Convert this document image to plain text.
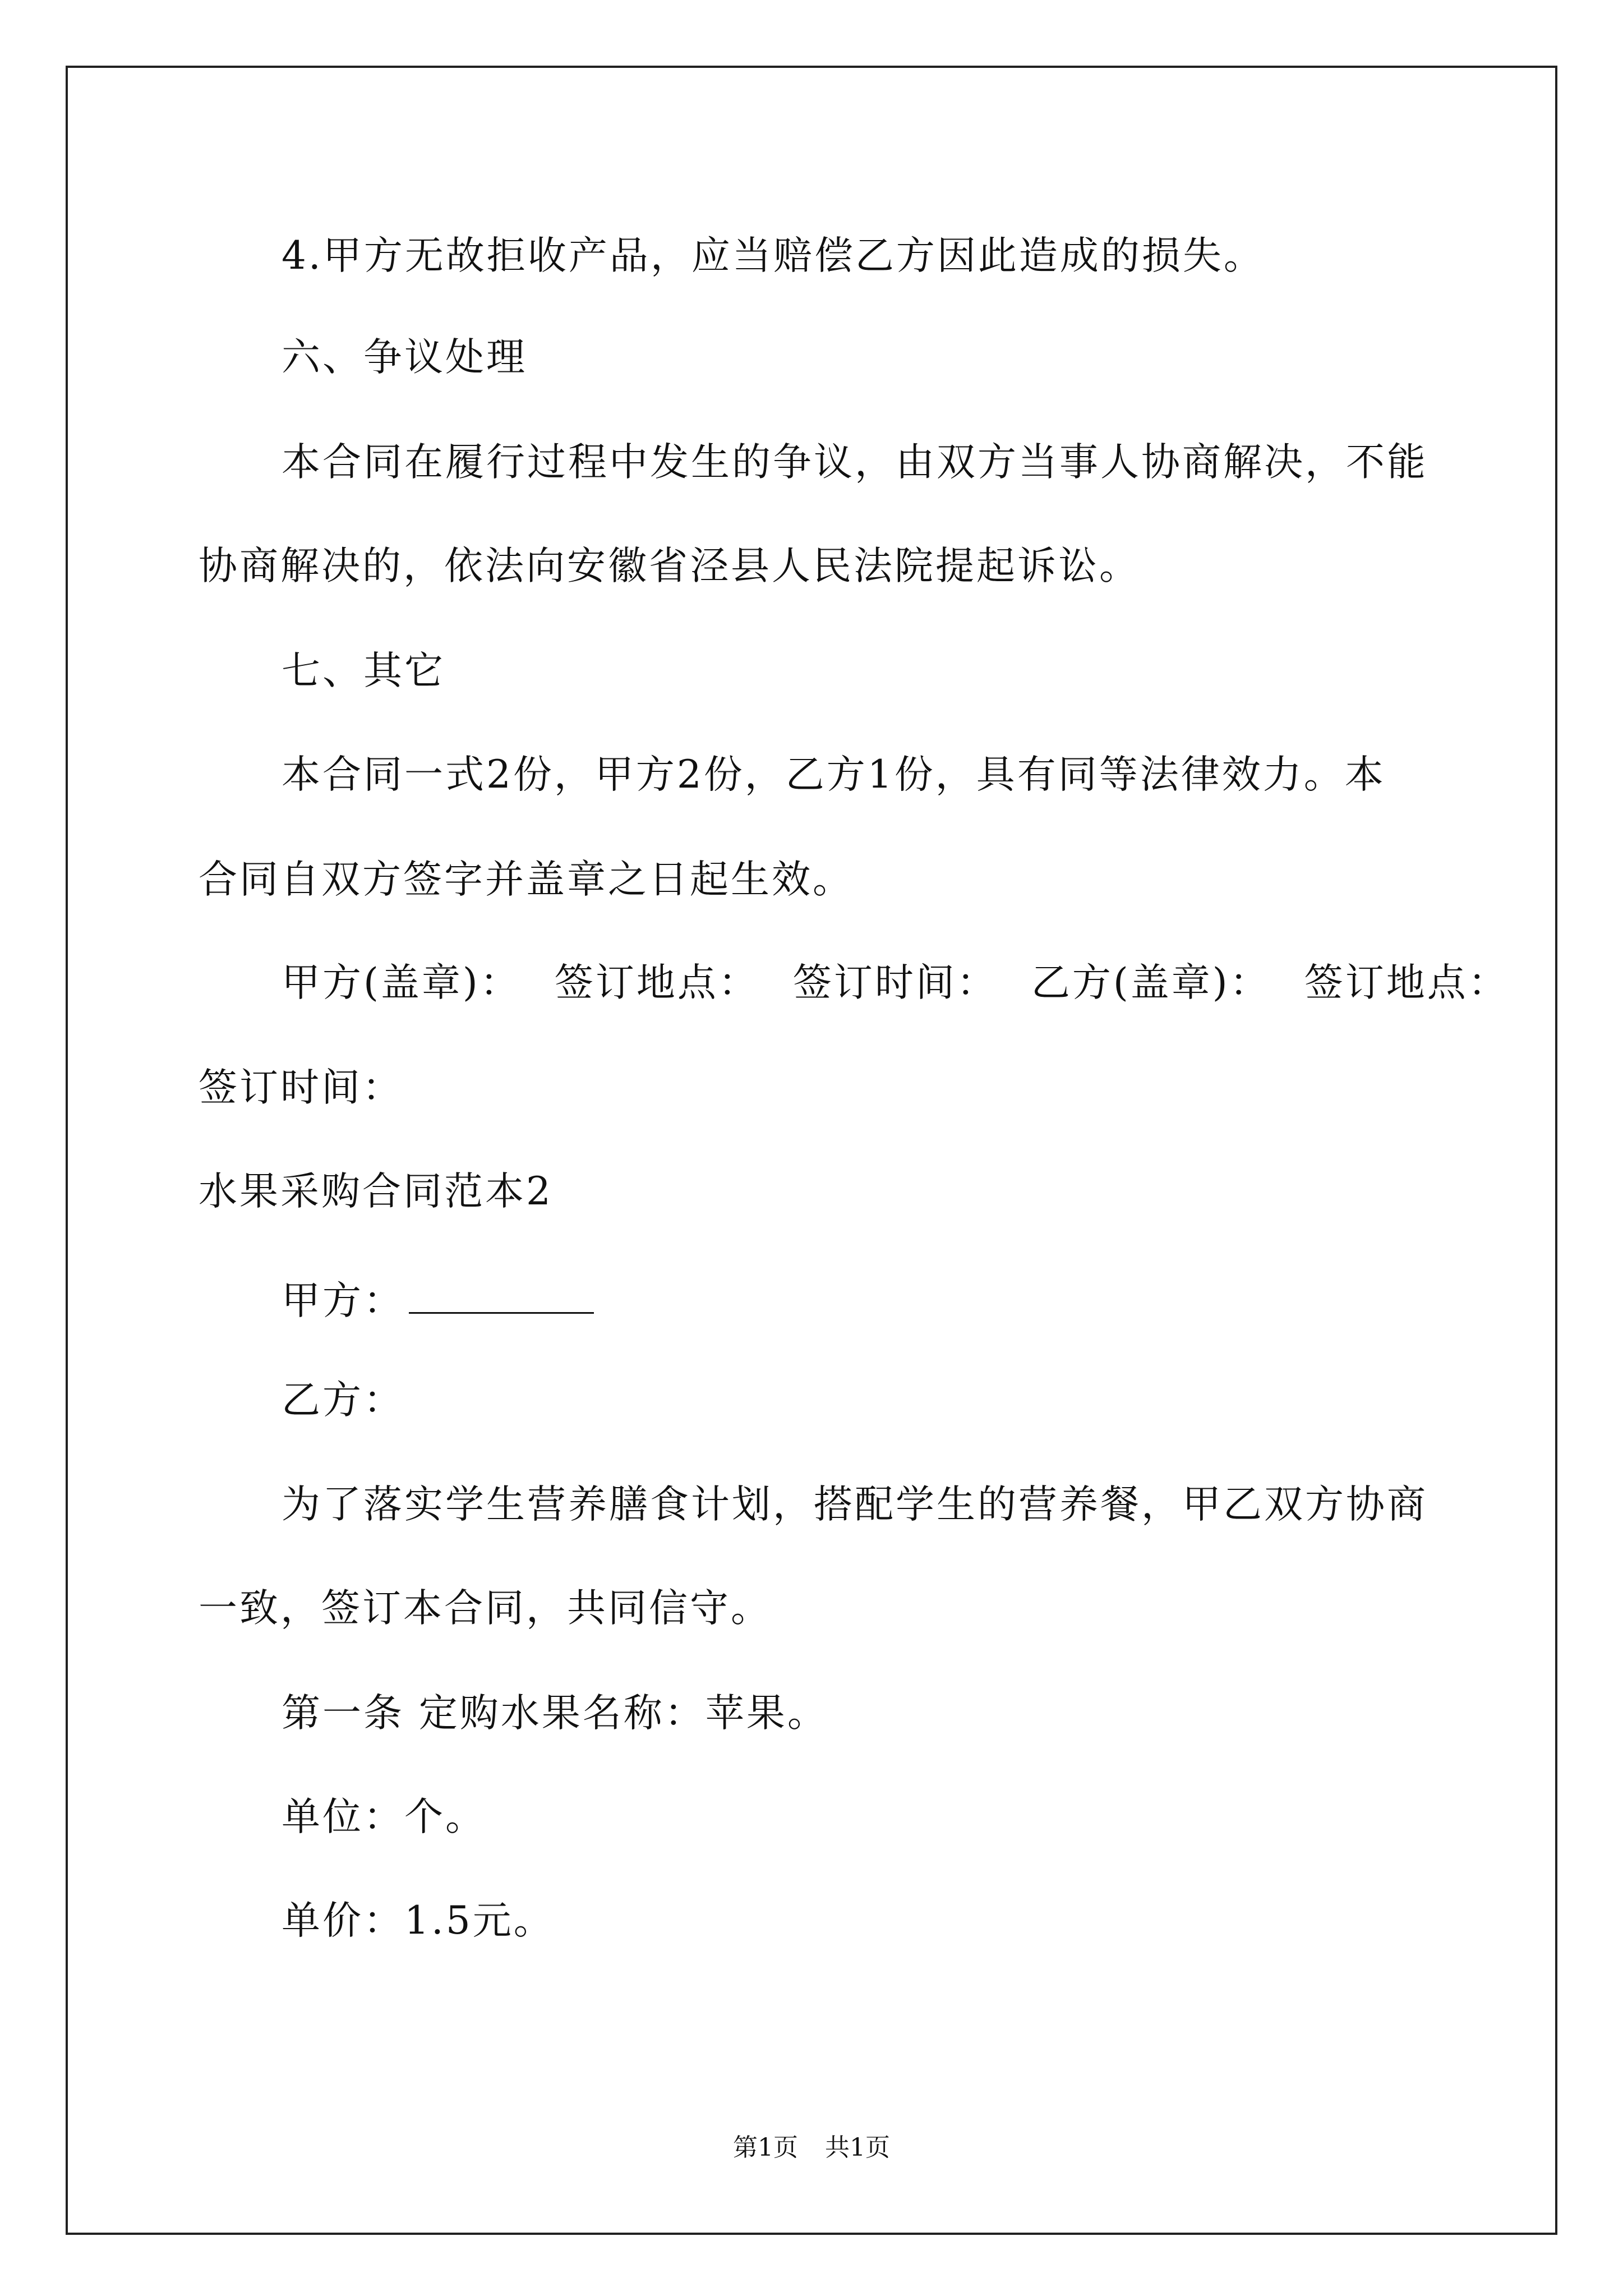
4.甲方无故拒收产品，应当赔偿乙方因此造成的损失。
六、争议处理
本合同在履行过程中发生的争议，由双方当事人协商解决，不能
协商解决的，依法向安徽省泾县人民法院提起诉讼。
七、其它
本合同一式2份，甲方2份，乙方1份，具有同等法律效力。本
合同自双方签字并盖章之日起生效。
甲方(盖章)： 签订地点： 签订时间： 乙方(盖章)： 签订地点：
签订时间：
水果采购合同范本2
甲方：
乙方：
为了落实学生营养膳食计划，搭配学生的营养餐，甲乙双方协商
一致，签订本合同，共同信守。
第一条 定购水果名称：苹果。
单位：个。
单价：1.5元。
第1页 共1页
